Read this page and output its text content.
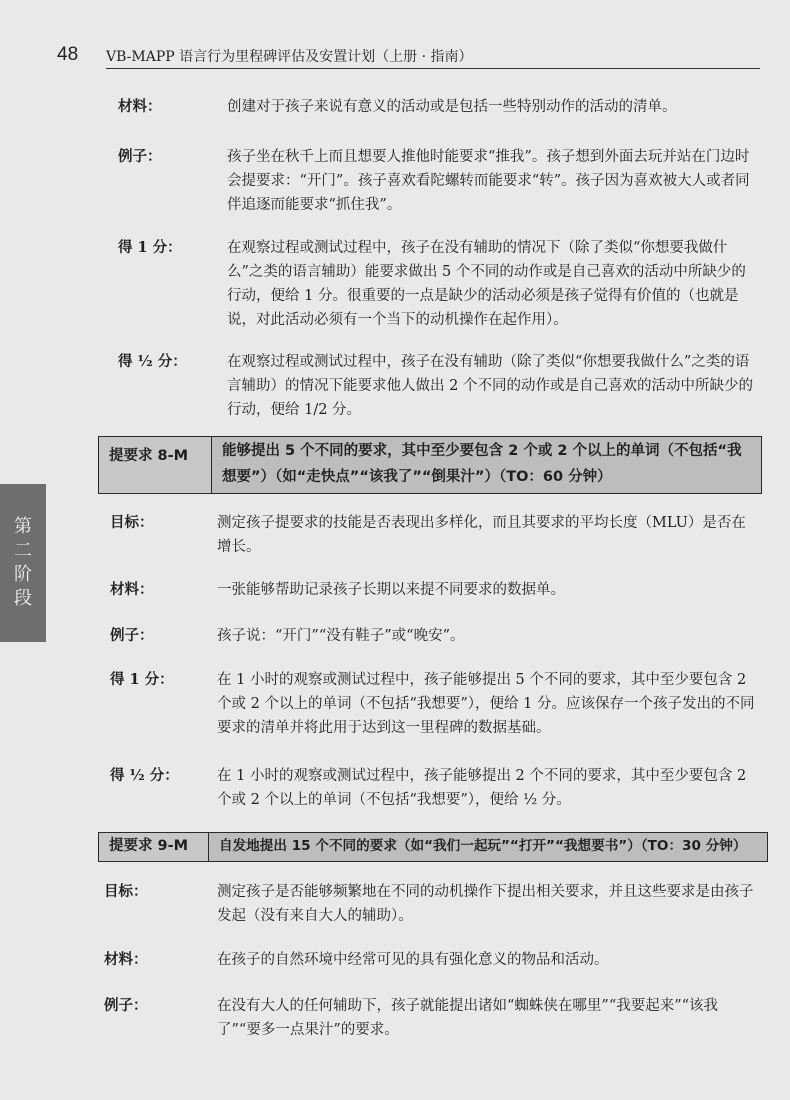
48 VB-MAPP 语言行为里程碑评估及安置计划（上册 · 指南）
第二阶段
材料：	创建对于孩子来说有意义的活动或是包括一些特别动作的活动的清单。
例子：	孩子坐在秋千上而且想要人推他时能要求“推我”。孩子想到外面去玩并站在门边时会提要求：“开门”。孩子喜欢看陀螺转而能要求“转”。孩子因为喜欢被大人或者同伴追逐而能要求“抓住我”。
得 1 分：	在观察过程或测试过程中，孩子在没有辅助的情况下（除了类似“你想要我做什么”之类的语言辅助）能要求做出 5 个不同的动作或是自己喜欢的活动中所缺少的行动，便给 1 分。很重要的一点是缺少的活动必须是孩子觉得有价值的（也就是说，对此活动必须有一个当下的动机操作在起作用）。
得 ½ 分：	在观察过程或测试过程中，孩子在没有辅助（除了类似“你想要我做什么”之类的语言辅助）的情况下能要求他人做出 2 个不同的动作或是自己喜欢的活动中所缺少的行动，便给 1/2 分。
提要求 8-M	能够提出 5 个不同的要求，其中至少要包含 2 个或 2 个以上的单词（不包括“我想要”）（如“走快点”“该我了”“倒果汁”）（TO：60 分钟）
目标：	测定孩子提要求的技能是否表现出多样化，而且其要求的平均长度（MLU）是否在增长。
材料：	一张能够帮助记录孩子长期以来提不同要求的数据单。
例子：	孩子说：“开门”“没有鞋子”或“晚安”。
得 1 分：	在 1 小时的观察或测试过程中，孩子能够提出 5 个不同的要求，其中至少要包含 2 个或 2 个以上的单词（不包括“我想要”），便给 1 分。应该保存一个孩子发出的不同要求的清单并将此用于达到这一里程碑的数据基础。
得 ½ 分：	在 1 小时的观察或测试过程中，孩子能够提出 2 个不同的要求，其中至少要包含 2 个或 2 个以上的单词（不包括“我想要”），便给 ½ 分。
提要求 9-M	自发地提出 15 个不同的要求（如“我们一起玩”“打开”“我想要书”）（TO：30 分钟）
目标：	测定孩子是否能够频繁地在不同的动机操作下提出相关要求，并且这些要求是由孩子发起（没有来自大人的辅助）。
材料：	在孩子的自然环境中经常可见的具有强化意义的物品和活动。
例子：	在没有大人的任何辅助下，孩子就能提出诸如“蜘蛛侠在哪里”“我要起来”“该我了”“要多一点果汁”的要求。
